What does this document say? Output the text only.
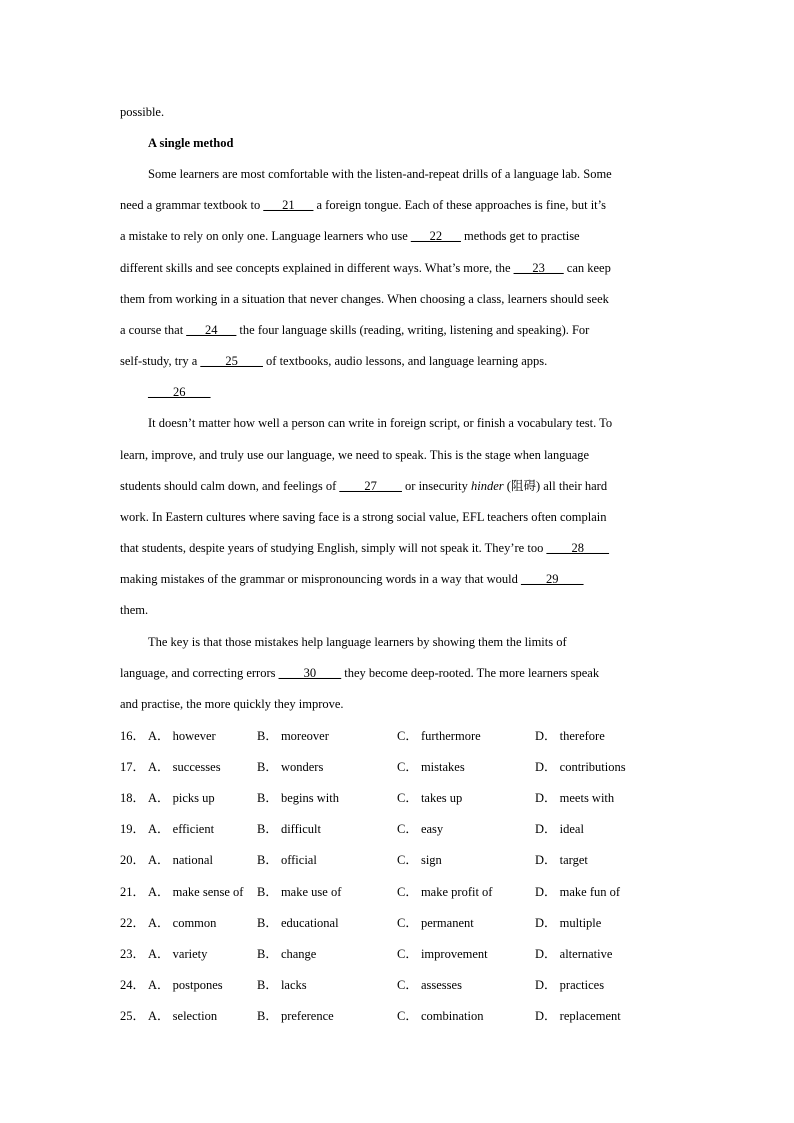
possible.
A single method
Some learners are most comfortable with the listen-and-repeat drills of a language lab. Some
need a grammar textbook to ___21___ a foreign tongue. Each of these approaches is fine, but it’s
a mistake to rely on only one. Language learners who use ___22___ methods get to practise
different skills and see concepts explained in different ways. What’s more, the ___23___ can keep
them from working in a situation that never changes. When choosing a class, learners should seek
a course that ___24___ the four language skills (reading, writing, listening and speaking). For
self-study, try a ____25____ of textbooks, audio lessons, and language learning apps.
____26____
It doesn’t matter how well a person can write in foreign script, or finish a vocabulary test. To
learn, improve, and truly use our language, we need to speak. This is the stage when language
students should calm down, and feelings of ____27____ or insecurity hinder (阻碍) all their hard
work. In Eastern cultures where saving face is a strong social value, EFL teachers often complain
that students, despite years of studying English, simply will not speak it. They’re too ____28____
making mistakes of the grammar or mispronouncing words in a way that would ____29____
them.
The key is that those mistakes help language learners by showing them the limits of
language, and correcting errors ____30____ they become deep-rooted. The more learners speak
and practise, the more quickly they improve.
16． A． however	B． moreover	C． furthermore	D． therefore
17． A． successes	B． wonders	C． mistakes	D． contributions
18． A． picks up	B． begins with	C． takes up	D． meets with
19． A． efficient	B． difficult	C． easy	D． ideal
20． A． national	B． official	C． sign	D． target
21． A． make sense of B． make use of	C． make profit of	D． make fun of
22． A． common	B． educational	C． permanent	D． multiple
23． A． variety	B． change	C． improvement	D． alternative
24． A． postpones	B． lacks	C． assesses	D． practices
25． A． selection	B． preference	C． combination	D． replacement
